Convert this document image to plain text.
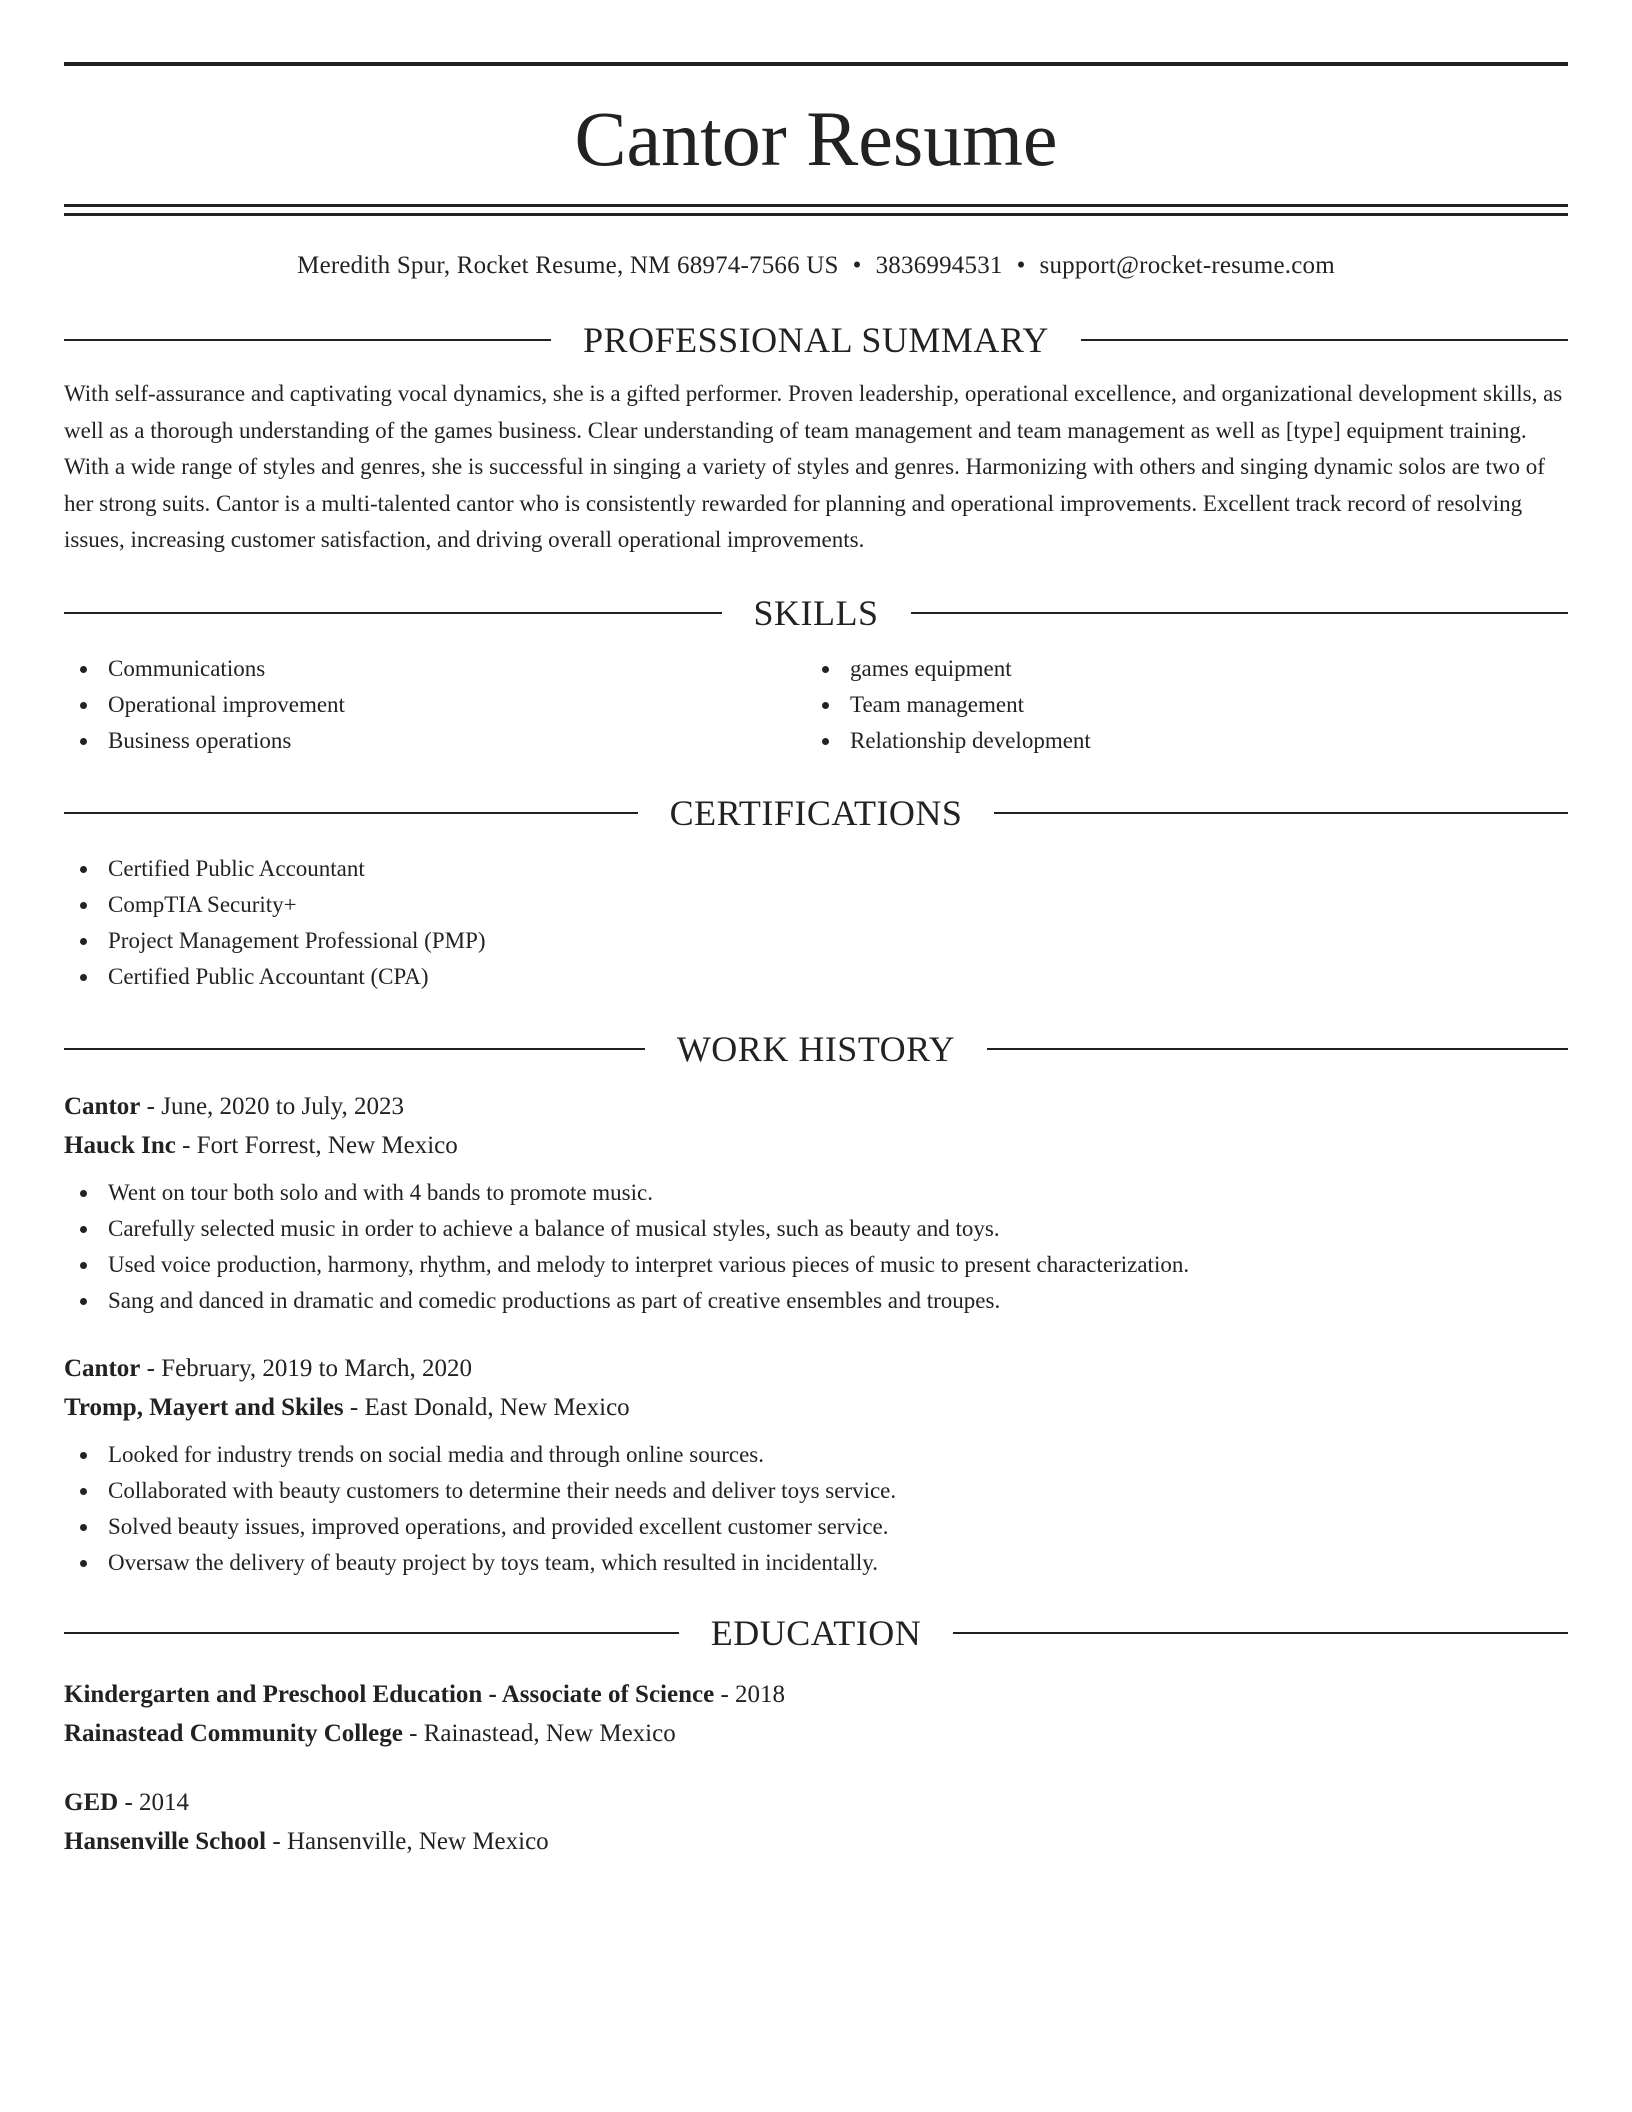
Cantor Resume
Meredith Spur, Rocket Resume, NM 68974-7566 US • 3836994531 • support@rocket-resume.com
PROFESSIONAL SUMMARY
With self-assurance and captivating vocal dynamics, she is a gifted performer. Proven leadership, operational excellence, and organizational development skills, as well as a thorough understanding of the games business. Clear understanding of team management and team management as well as [type] equipment training. With a wide range of styles and genres, she is successful in singing a variety of styles and genres. Harmonizing with others and singing dynamic solos are two of her strong suits. Cantor is a multi-talented cantor who is consistently rewarded for planning and operational improvements. Excellent track record of resolving issues, increasing customer satisfaction, and driving overall operational improvements.
SKILLS
Communications
Operational improvement
Business operations
games equipment
Team management
Relationship development
CERTIFICATIONS
Certified Public Accountant
CompTIA Security+
Project Management Professional (PMP)
Certified Public Accountant (CPA)
WORK HISTORY
Cantor - June, 2020 to July, 2023
Hauck Inc - Fort Forrest, New Mexico
Went on tour both solo and with 4 bands to promote music.
Carefully selected music in order to achieve a balance of musical styles, such as beauty and toys.
Used voice production, harmony, rhythm, and melody to interpret various pieces of music to present characterization.
Sang and danced in dramatic and comedic productions as part of creative ensembles and troupes.
Cantor - February, 2019 to March, 2020
Tromp, Mayert and Skiles - East Donald, New Mexico
Looked for industry trends on social media and through online sources.
Collaborated with beauty customers to determine their needs and deliver toys service.
Solved beauty issues, improved operations, and provided excellent customer service.
Oversaw the delivery of beauty project by toys team, which resulted in incidentally.
EDUCATION
Kindergarten and Preschool Education - Associate of Science - 2018
Rainastead Community College - Rainastead, New Mexico
GED - 2014
Hansenville School - Hansenville, New Mexico
